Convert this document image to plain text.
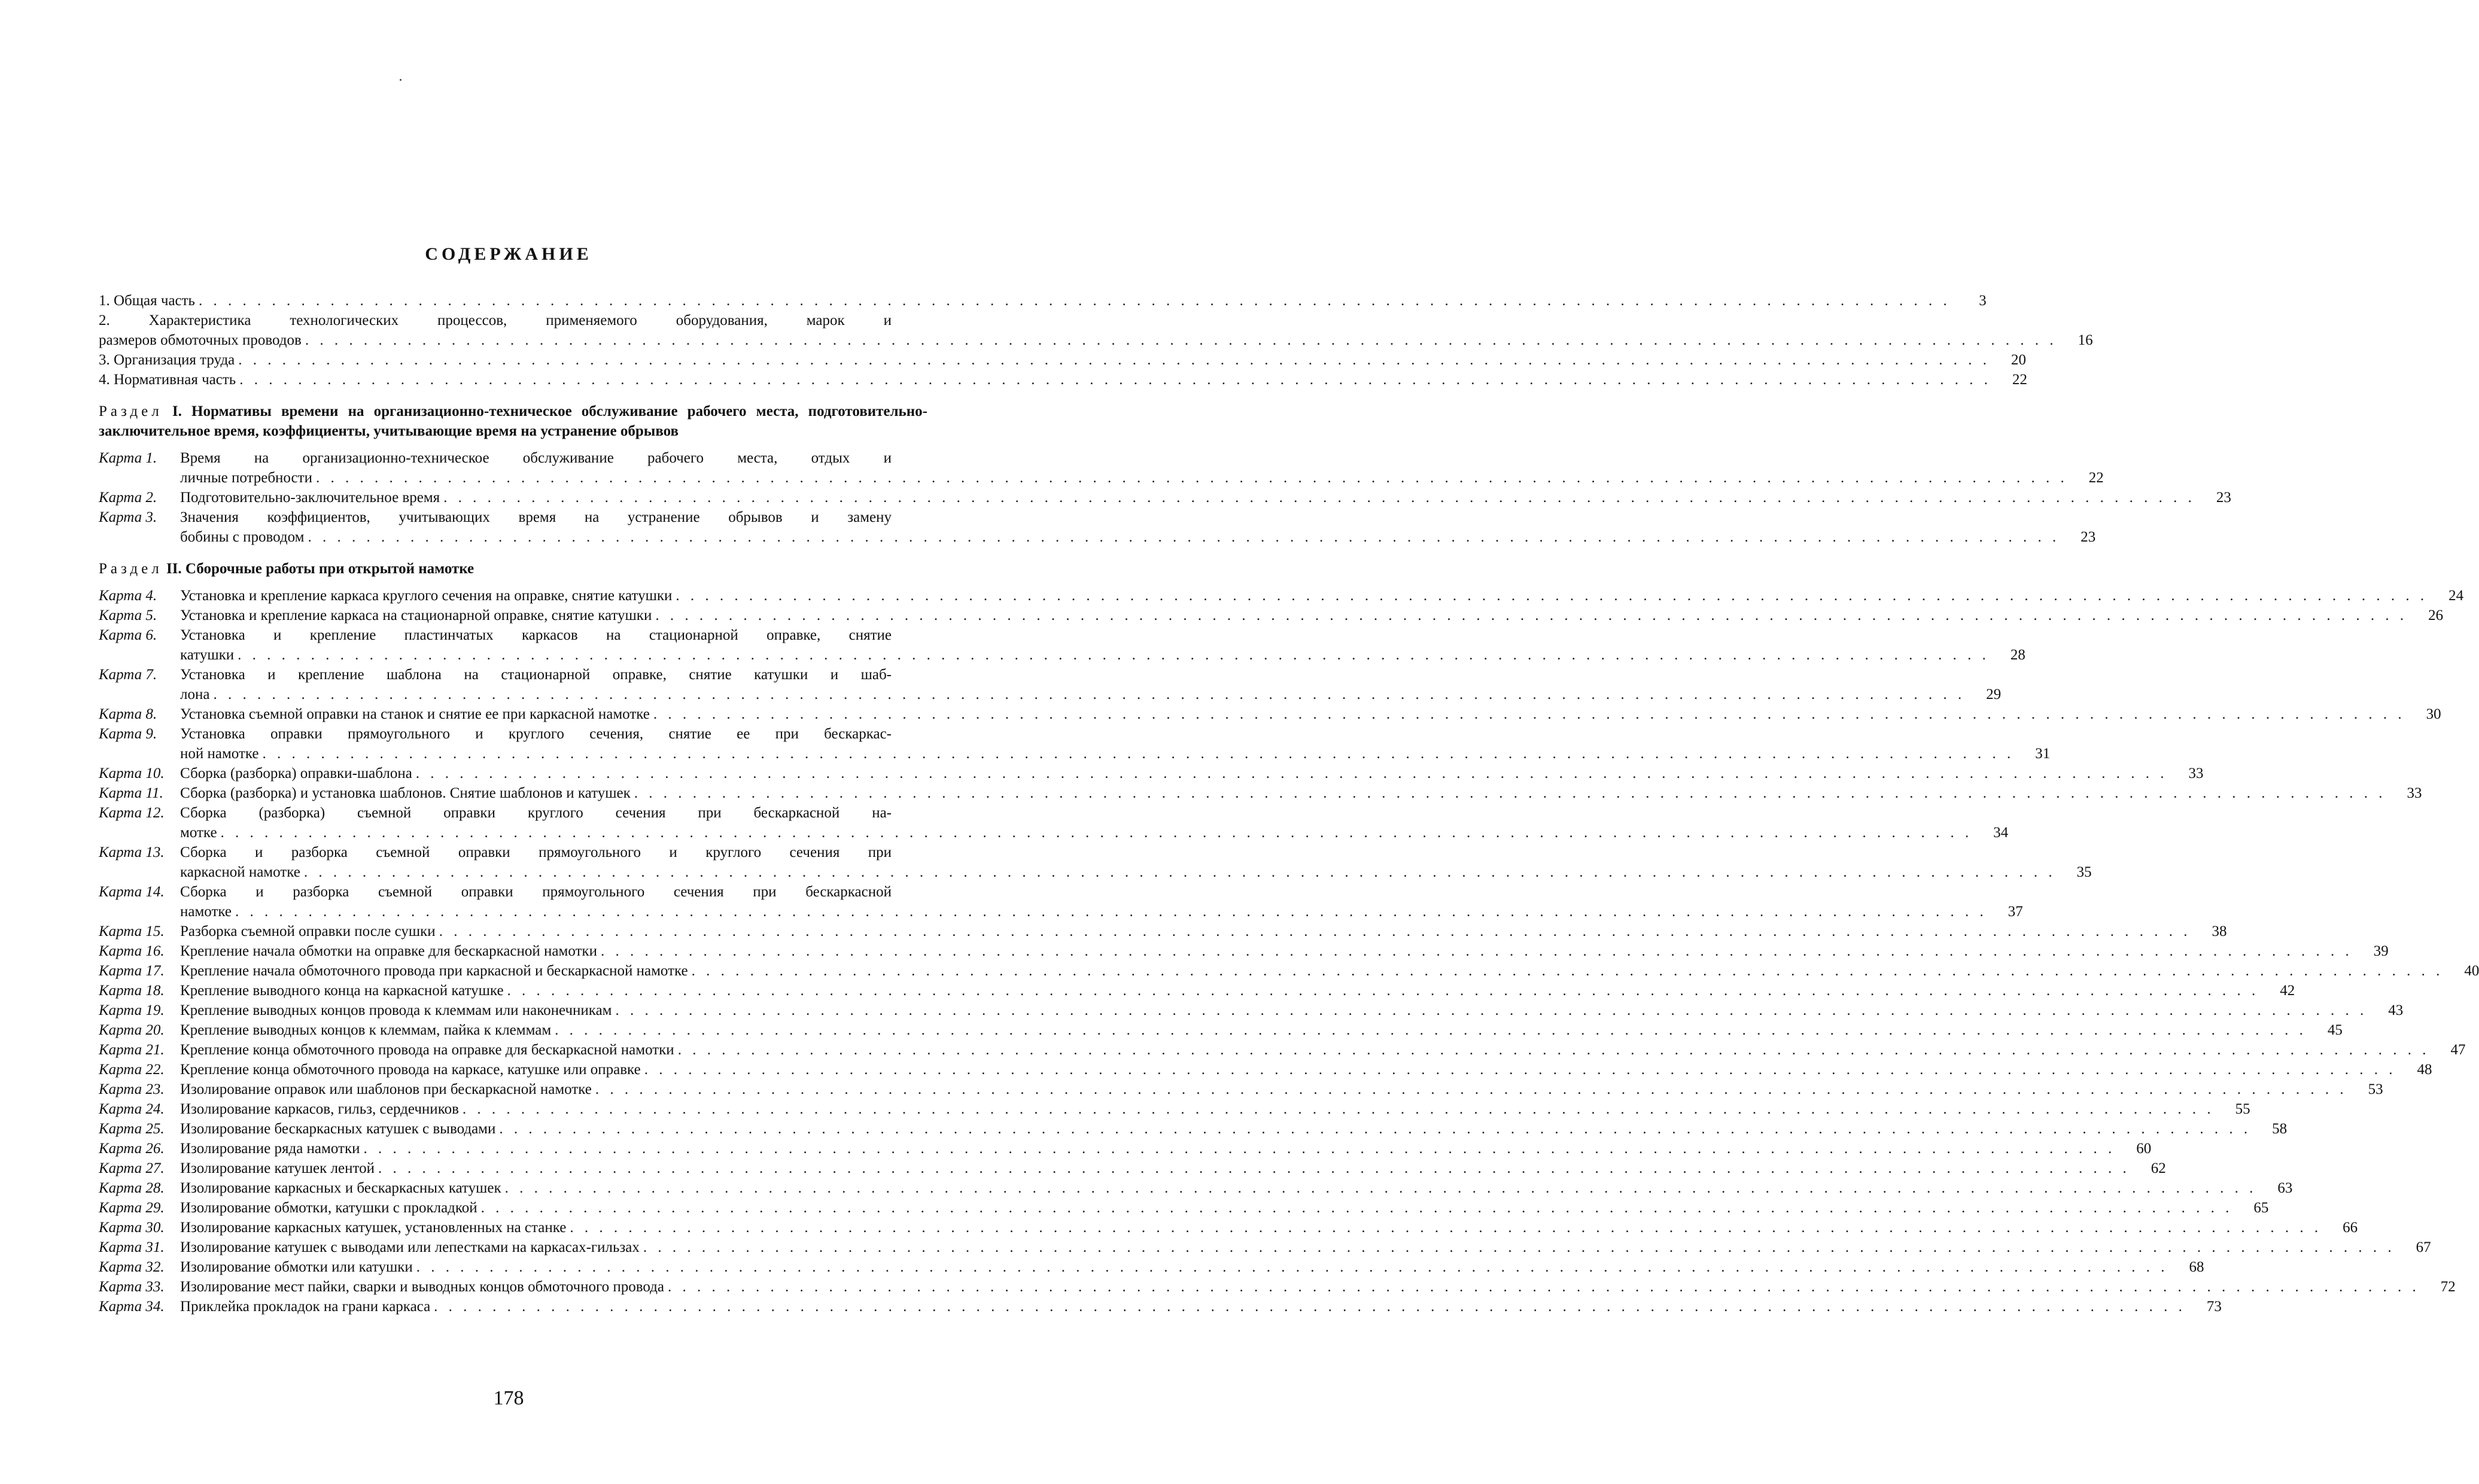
СОДЕРЖАНИЕ
1. Общая часть . . . . . . . . . . . . . . . . . . . . . . . . . . . . . . . . . . . . . . . . . . . . . . . . . . . . . . . . . . . . . . . . . . . . . . . . . . . . . . . . . . . . . . . . . . . . . . . . . . . . . . . . . . . . . . . . . . . . . . . .	3
2. Характеристика технологических процессов, применяемого оборудования, марок и
размеров обмоточных проводов . . . . . . . . . . . . . . . . . . . . . . . . . . . . . . . . . . . . . . . . . . . . . . . . . . . . . . . . . . . . . . . . . . . . . . . . . . . . . . . . . . . . . . . . . . . . . . . . . . . . . . . . . . . . . . . . . . . . . . . .	16
3. Организация труда . . . . . . . . . . . . . . . . . . . . . . . . . . . . . . . . . . . . . . . . . . . . . . . . . . . . . . . . . . . . . . . . . . . . . . . . . . . . . . . . . . . . . . . . . . . . . . . . . . . . . . . . . . . . . . . . . . . . . . . .	20
4. Нормативная часть . . . . . . . . . . . . . . . . . . . . . . . . . . . . . . . . . . . . . . . . . . . . . . . . . . . . . . . . . . . . . . . . . . . . . . . . . . . . . . . . . . . . . . . . . . . . . . . . . . . . . . . . . . . . . . . . . . . . . . . .	22
Раздел I. Нормативы времени на организационно-техническое обслуживание рабочего места, подготовительно-заключительное время, коэффициенты, учитывающие время на устранение обрывов
Карта 1.	Время на организационно-техническое обслуживание рабочего места, отдых и
личные потребности . . . . . . . . . . . . . . . . . . . . . . . . . . . . . . . . . . . . . . . . . . . . . . . . . . . . . . . . . . . . . . . . . . . . . . . . . . . . . . . . . . . . . . . . . . . . . . . . . . . . . . . . . . . . . . . . . . . . . . . .	22
Карта 2.	Подготовительно-заключительное время . . . . . . . . . . . . . . . . . . . . . . . . . . . . . . . . . . . . . . . . . . . . . . . . . . . . . . . . . . . . . . . . . . . . . . . . . . . . . . . . . . . . . . . . . . . . . . . . . . . . . . . . . . . . . . . . . . . . . . . .	23
Карта 3.	Значения коэффициентов, учитывающих время на устранение обрывов и замену
бобины с проводом . . . . . . . . . . . . . . . . . . . . . . . . . . . . . . . . . . . . . . . . . . . . . . . . . . . . . . . . . . . . . . . . . . . . . . . . . . . . . . . . . . . . . . . . . . . . . . . . . . . . . . . . . . . . . . . . . . . . . . . .	23
Раздел II. Сборочные работы при открытой намотке
Карта 4.	Установка и крепление каркаса круглого сечения на оправке, снятие катушки . . . . . . . . . . . . . . . . . . . . . . . . . . . . . . . . . . . . . . . . . . . . . . . . . . . . . . . . . . . . . . . . . . . . . . . . . . . . . . . . . . . . . . . . . . . . . . . . . . . . . . . . . . . . . . . . . . . . . . . .	24
Карта 5.	Установка и крепление каркаса на стационарной оправке, снятие катушки . . . . . . . . . . . . . . . . . . . . . . . . . . . . . . . . . . . . . . . . . . . . . . . . . . . . . . . . . . . . . . . . . . . . . . . . . . . . . . . . . . . . . . . . . . . . . . . . . . . . . . . . . . . . . . . . . . . . . . . .	26
Карта 6.	Установка и крепление пластинчатых каркасов на стационарной оправке, снятие
катушки . . . . . . . . . . . . . . . . . . . . . . . . . . . . . . . . . . . . . . . . . . . . . . . . . . . . . . . . . . . . . . . . . . . . . . . . . . . . . . . . . . . . . . . . . . . . . . . . . . . . . . . . . . . . . . . . . . . . . . . .	28
Карта 7.	Установка и крепление шаблона на стационарной оправке, снятие катушки и шаб-
лона . . . . . . . . . . . . . . . . . . . . . . . . . . . . . . . . . . . . . . . . . . . . . . . . . . . . . . . . . . . . . . . . . . . . . . . . . . . . . . . . . . . . . . . . . . . . . . . . . . . . . . . . . . . . . . . . . . . . . . . .	29
Карта 8.	Установка съемной оправки на станок и снятие ее при каркасной намотке . . . . . . . . . . . . . . . . . . . . . . . . . . . . . . . . . . . . . . . . . . . . . . . . . . . . . . . . . . . . . . . . . . . . . . . . . . . . . . . . . . . . . . . . . . . . . . . . . . . . . . . . . . . . . . . . . . . . . . . .	30
Карта 9.	Установка оправки прямоугольного и круглого сечения, снятие ее при бескаркас-
ной намотке . . . . . . . . . . . . . . . . . . . . . . . . . . . . . . . . . . . . . . . . . . . . . . . . . . . . . . . . . . . . . . . . . . . . . . . . . . . . . . . . . . . . . . . . . . . . . . . . . . . . . . . . . . . . . . . . . . . . . . . .	31
Карта 10.	Сборка (разборка) оправки-шаблона . . . . . . . . . . . . . . . . . . . . . . . . . . . . . . . . . . . . . . . . . . . . . . . . . . . . . . . . . . . . . . . . . . . . . . . . . . . . . . . . . . . . . . . . . . . . . . . . . . . . . . . . . . . . . . . . . . . . . . . .	33
Карта 11.	Сборка (разборка) и установка шаблонов. Снятие шаблонов и катушек . . . . . . . . . . . . . . . . . . . . . . . . . . . . . . . . . . . . . . . . . . . . . . . . . . . . . . . . . . . . . . . . . . . . . . . . . . . . . . . . . . . . . . . . . . . . . . . . . . . . . . . . . . . . . . . . . . . . . . . .	33
Карта 12.	Сборка (разборка) съемной оправки круглого сечения при бескаркасной на-
мотке . . . . . . . . . . . . . . . . . . . . . . . . . . . . . . . . . . . . . . . . . . . . . . . . . . . . . . . . . . . . . . . . . . . . . . . . . . . . . . . . . . . . . . . . . . . . . . . . . . . . . . . . . . . . . . . . . . . . . . . .	34
Карта 13.	Сборка и разборка съемной оправки прямоугольного и круглого сечения при
каркасной намотке . . . . . . . . . . . . . . . . . . . . . . . . . . . . . . . . . . . . . . . . . . . . . . . . . . . . . . . . . . . . . . . . . . . . . . . . . . . . . . . . . . . . . . . . . . . . . . . . . . . . . . . . . . . . . . . . . . . . . . . .	35
Карта 14.	Сборка и разборка съемной оправки прямоугольного сечения при бескаркасной
намотке . . . . . . . . . . . . . . . . . . . . . . . . . . . . . . . . . . . . . . . . . . . . . . . . . . . . . . . . . . . . . . . . . . . . . . . . . . . . . . . . . . . . . . . . . . . . . . . . . . . . . . . . . . . . . . . . . . . . . . . .	37
Карта 15.	Разборка съемной оправки после сушки . . . . . . . . . . . . . . . . . . . . . . . . . . . . . . . . . . . . . . . . . . . . . . . . . . . . . . . . . . . . . . . . . . . . . . . . . . . . . . . . . . . . . . . . . . . . . . . . . . . . . . . . . . . . . . . . . . . . . . . .	38
Карта 16.	Крепление начала обмотки на оправке для бескаркасной намотки . . . . . . . . . . . . . . . . . . . . . . . . . . . . . . . . . . . . . . . . . . . . . . . . . . . . . . . . . . . . . . . . . . . . . . . . . . . . . . . . . . . . . . . . . . . . . . . . . . . . . . . . . . . . . . . . . . . . . . . .	39
Карта 17.	Крепление начала обмоточного провода при каркасной и бескаркасной намотке . . . . . . . . . . . . . . . . . . . . . . . . . . . . . . . . . . . . . . . . . . . . . . . . . . . . . . . . . . . . . . . . . . . . . . . . . . . . . . . . . . . . . . . . . . . . . . . . . . . . . . . . . . . . . . . . . . . . . . . .	40
Карта 18.	Крепление выводного конца на каркасной катушке . . . . . . . . . . . . . . . . . . . . . . . . . . . . . . . . . . . . . . . . . . . . . . . . . . . . . . . . . . . . . . . . . . . . . . . . . . . . . . . . . . . . . . . . . . . . . . . . . . . . . . . . . . . . . . . . . . . . . . . .	42
Карта 19.	Крепление выводных концов провода к клеммам или наконечникам . . . . . . . . . . . . . . . . . . . . . . . . . . . . . . . . . . . . . . . . . . . . . . . . . . . . . . . . . . . . . . . . . . . . . . . . . . . . . . . . . . . . . . . . . . . . . . . . . . . . . . . . . . . . . . . . . . . . . . . .	43
Карта 20.	Крепление выводных концов к клеммам, пайка к клеммам . . . . . . . . . . . . . . . . . . . . . . . . . . . . . . . . . . . . . . . . . . . . . . . . . . . . . . . . . . . . . . . . . . . . . . . . . . . . . . . . . . . . . . . . . . . . . . . . . . . . . . . . . . . . . . . . . . . . . . . .	45
Карта 21.	Крепление конца обмоточного провода на оправке для бескаркасной намотки . . . . . . . . . . . . . . . . . . . . . . . . . . . . . . . . . . . . . . . . . . . . . . . . . . . . . . . . . . . . . . . . . . . . . . . . . . . . . . . . . . . . . . . . . . . . . . . . . . . . . . . . . . . . . . . . . . . . . . . .	47
Карта 22.	Крепление конца обмоточного провода на каркасе, катушке или оправке . . . . . . . . . . . . . . . . . . . . . . . . . . . . . . . . . . . . . . . . . . . . . . . . . . . . . . . . . . . . . . . . . . . . . . . . . . . . . . . . . . . . . . . . . . . . . . . . . . . . . . . . . . . . . . . . . . . . . . . .	48
Карта 23.	Изолирование оправок или шаблонов при бескаркасной намотке . . . . . . . . . . . . . . . . . . . . . . . . . . . . . . . . . . . . . . . . . . . . . . . . . . . . . . . . . . . . . . . . . . . . . . . . . . . . . . . . . . . . . . . . . . . . . . . . . . . . . . . . . . . . . . . . . . . . . . . .	53
Карта 24.	Изолирование каркасов, гильз, сердечников . . . . . . . . . . . . . . . . . . . . . . . . . . . . . . . . . . . . . . . . . . . . . . . . . . . . . . . . . . . . . . . . . . . . . . . . . . . . . . . . . . . . . . . . . . . . . . . . . . . . . . . . . . . . . . . . . . . . . . . .	55
Карта 25.	Изолирование бескаркасных катушек с выводами . . . . . . . . . . . . . . . . . . . . . . . . . . . . . . . . . . . . . . . . . . . . . . . . . . . . . . . . . . . . . . . . . . . . . . . . . . . . . . . . . . . . . . . . . . . . . . . . . . . . . . . . . . . . . . . . . . . . . . . .	58
Карта 26.	Изолирование ряда намотки . . . . . . . . . . . . . . . . . . . . . . . . . . . . . . . . . . . . . . . . . . . . . . . . . . . . . . . . . . . . . . . . . . . . . . . . . . . . . . . . . . . . . . . . . . . . . . . . . . . . . . . . . . . . . . . . . . . . . . . .	60
Карта 27.	Изолирование катушек лентой . . . . . . . . . . . . . . . . . . . . . . . . . . . . . . . . . . . . . . . . . . . . . . . . . . . . . . . . . . . . . . . . . . . . . . . . . . . . . . . . . . . . . . . . . . . . . . . . . . . . . . . . . . . . . . . . . . . . . . . .	62
Карта 28.	Изолирование каркасных и бескаркасных катушек . . . . . . . . . . . . . . . . . . . . . . . . . . . . . . . . . . . . . . . . . . . . . . . . . . . . . . . . . . . . . . . . . . . . . . . . . . . . . . . . . . . . . . . . . . . . . . . . . . . . . . . . . . . . . . . . . . . . . . . .	63
Карта 29.	Изолирование обмотки, катушки с прокладкой . . . . . . . . . . . . . . . . . . . . . . . . . . . . . . . . . . . . . . . . . . . . . . . . . . . . . . . . . . . . . . . . . . . . . . . . . . . . . . . . . . . . . . . . . . . . . . . . . . . . . . . . . . . . . . . . . . . . . . . .	65
Карта 30.	Изолирование каркасных катушек, установленных на станке . . . . . . . . . . . . . . . . . . . . . . . . . . . . . . . . . . . . . . . . . . . . . . . . . . . . . . . . . . . . . . . . . . . . . . . . . . . . . . . . . . . . . . . . . . . . . . . . . . . . . . . . . . . . . . . . . . . . . . . .	66
Карта 31.	Изолирование катушек с выводами или лепестками на каркасах-гильзах . . . . . . . . . . . . . . . . . . . . . . . . . . . . . . . . . . . . . . . . . . . . . . . . . . . . . . . . . . . . . . . . . . . . . . . . . . . . . . . . . . . . . . . . . . . . . . . . . . . . . . . . . . . . . . . . . . . . . . . .	67
Карта 32.	Изолирование обмотки или катушки . . . . . . . . . . . . . . . . . . . . . . . . . . . . . . . . . . . . . . . . . . . . . . . . . . . . . . . . . . . . . . . . . . . . . . . . . . . . . . . . . . . . . . . . . . . . . . . . . . . . . . . . . . . . . . . . . . . . . . . .	68
Карта 33.	Изолирование мест пайки, сварки и выводных концов обмоточного провода . . . . . . . . . . . . . . . . . . . . . . . . . . . . . . . . . . . . . . . . . . . . . . . . . . . . . . . . . . . . . . . . . . . . . . . . . . . . . . . . . . . . . . . . . . . . . . . . . . . . . . . . . . . . . . . . . . . . . . . .	72
Карта 34.	Приклейка прокладок на грани каркаса . . . . . . . . . . . . . . . . . . . . . . . . . . . . . . . . . . . . . . . . . . . . . . . . . . . . . . . . . . . . . . . . . . . . . . . . . . . . . . . . . . . . . . . . . . . . . . . . . . . . . . . . . . . . . . . . . . . . . . . .	73
178
